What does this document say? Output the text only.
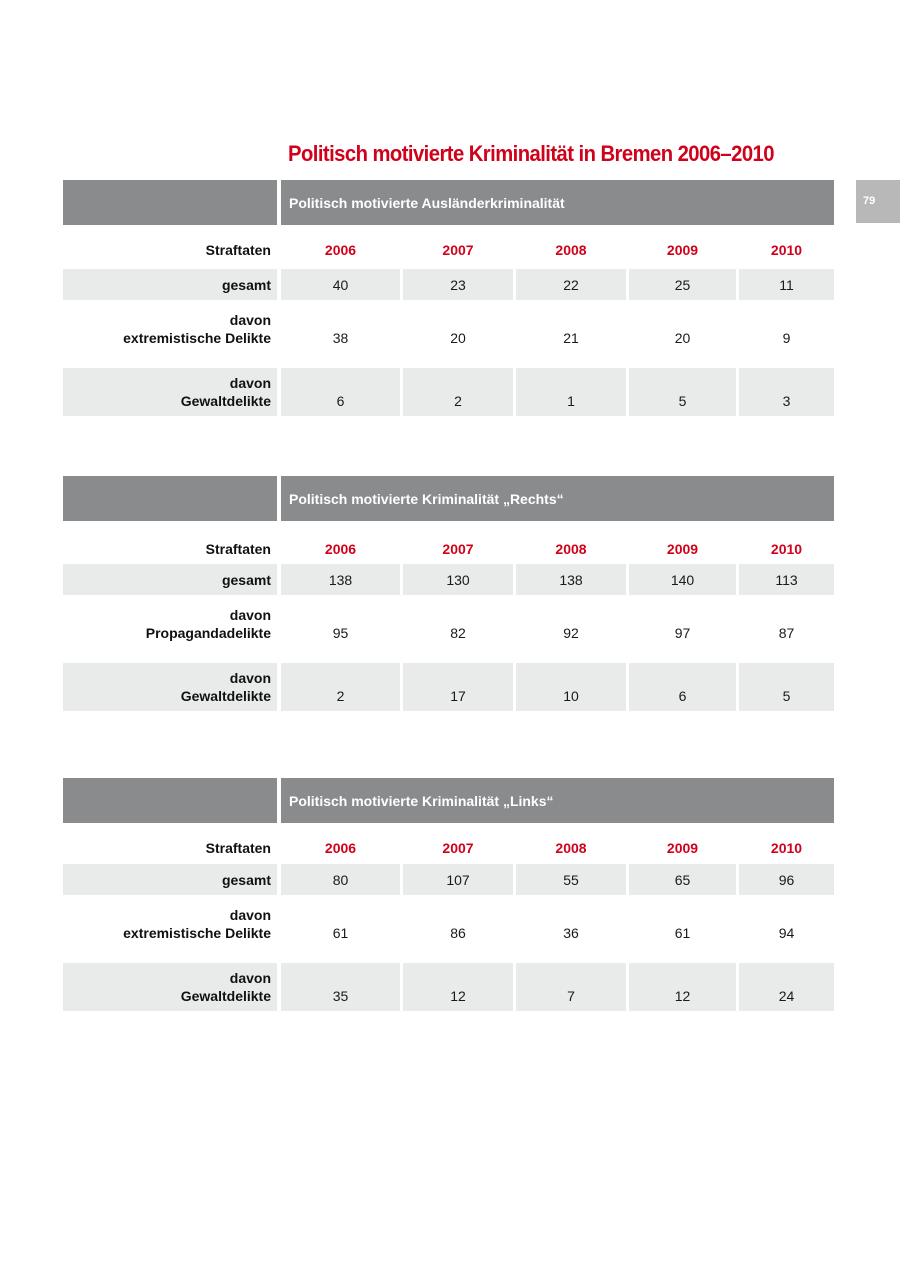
Politisch motivierte Kriminalität in Bremen 2006–2010
79
Politisch motivierte Ausländerkriminalität
Straftaten	2006	2007	2008	2009	2010
gesamt	40	23	22	25	11
davon
extremistische Delikte	38	20	21	20	9
davon
Gewaltdelikte	6	2	1	5	3
Politisch motivierte Kriminalität „Rechts“
Straftaten	2006	2007	2008	2009	2010
gesamt	138	130	138	140	113
davon
Propagandadelikte	95	82	92	97	87
davon
Gewaltdelikte	2	17	10	6	5
Politisch motivierte Kriminalität „Links“
Straftaten	2006	2007	2008	2009	2010
gesamt	80	107	55	65	96
davon
extremistische Delikte	61	86	36	61	94
davon
Gewaltdelikte	35	12	7	12	24
